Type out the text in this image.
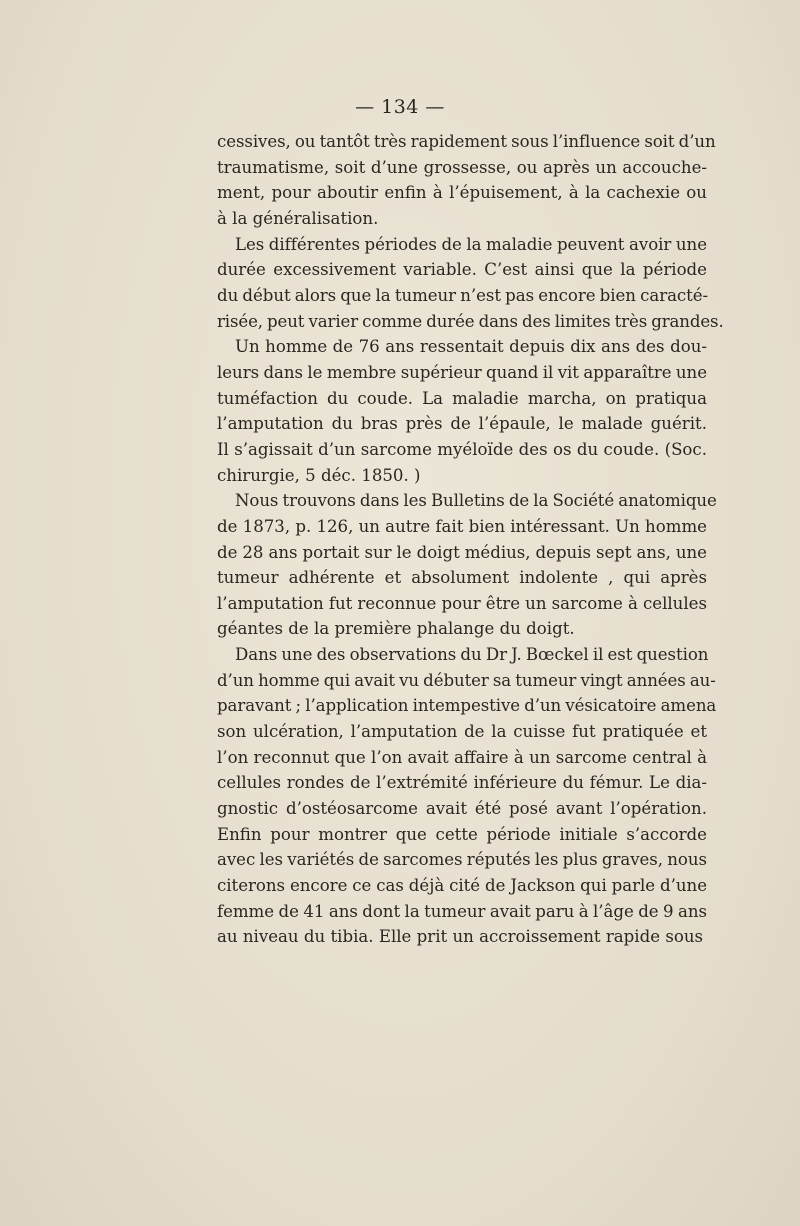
— 134 —

cessives, ou tantôt très rapidement sous l’influence soit d’un
traumatisme, soit d’une grossesse, ou après un accouche-
ment, pour aboutir enfin à l’épuisement, à la cachexie ou
à la généralisation.

Les différentes périodes de la maladie peuvent avoir une
durée excessivement variable. C’est ainsi que la période
du début alors que la tumeur n’est pas encore bien caracté-
risée, peut varier comme durée dans des limites très grandes.

Un homme de 76 ans ressentait depuis dix ans des dou-
leurs dans le membre supérieur quand il vit apparaître une
tuméfaction du coude. La maladie marcha, on pratiqua
l’amputation du bras près de l’épaule, le malade guérit.
Il s’agissait d’un sarcome myéloïde des os du coude. (Soc.
chirurgie, 5 déc. 1850. )

Nous trouvons dans les Bulletins de la Société anatomique
de 1873, p. 126, un autre fait bien intéressant. Un homme
de 28 ans portait sur le doigt médius, depuis sept ans, une
tumeur adhérente et absolument indolente , qui après
l’amputation fut reconnue pour être un sarcome à cellules
géantes de la première phalange du doigt.

Dans une des observations du Dr J. Bœckel il est question
d’un homme qui avait vu débuter sa tumeur vingt années au-
paravant ; l’application intempestive d’un vésicatoire amena
son ulcération, l’amputation de la cuisse fut pratiquée et
l’on reconnut que l’on avait affaire à un sarcome central à
cellules rondes de l’extrémité inférieure du fémur. Le dia-
gnostic d’ostéosarcome avait été posé avant l’opération.
Enfin pour montrer que cette période initiale s’accorde
avec les variétés de sarcomes réputés les plus graves, nous
citerons encore ce cas déjà cité de Jackson qui parle d’une
femme de 41 ans dont la tumeur avait paru à l’âge de 9 ans
au niveau du tibia. Elle prit un accroissement rapide sous
